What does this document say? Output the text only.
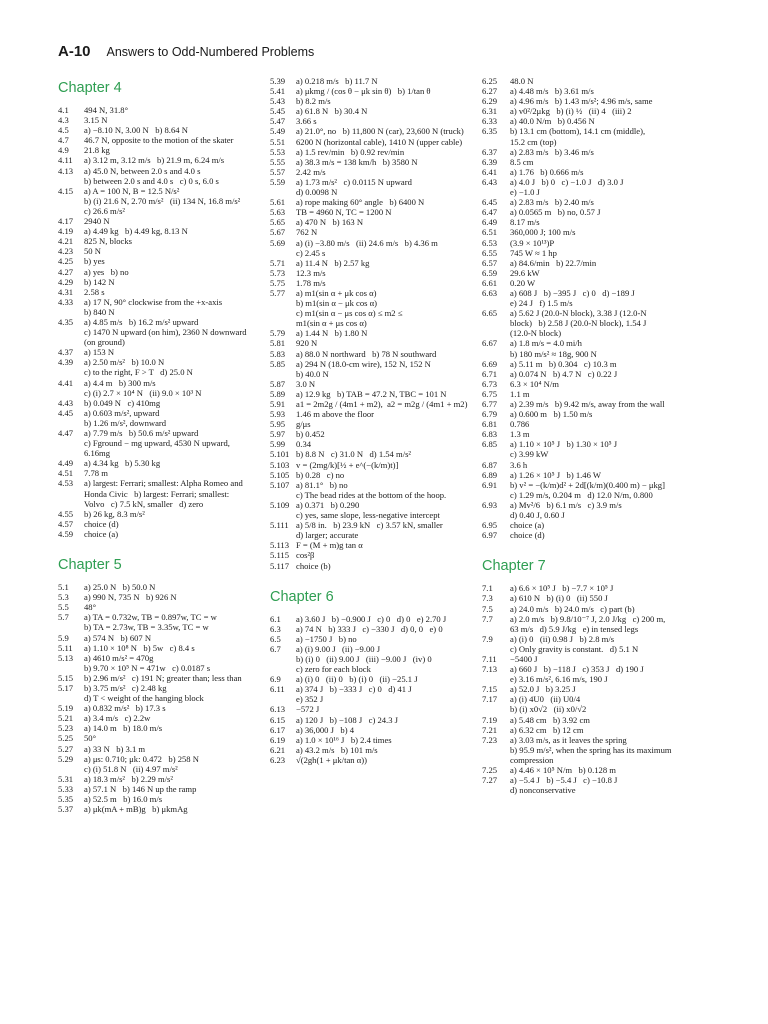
A-10 Answers to Odd-Numbered Problems
Chapter 4
4.1	494 N, 31.8°
4.3	3.15 N
4.5	a) −8.10 N, 3.00 N   b) 8.64 N
4.7	46.7 N, opposite to the motion of the skater
4.9	21.8 kg
4.11	a) 3.12 m, 3.12 m/s   b) 21.9 m, 6.24 m/s
4.13	a) 45.0 N, between 2.0 s and 4.0 s
b) between 2.0 s and 4.0 s   c) 0 s, 6.0 s
4.15	a) A = 100 N, B = 12.5 N/s²
b) (i) 21.6 N, 2.70 m/s²   (ii) 134 N, 16.8 m/s²
c) 26.6 m/s²
4.17	2940 N
4.19	a) 4.49 kg   b) 4.49 kg, 8.13 N
4.21	825 N, blocks
4.23	50 N
4.25	b) yes
4.27	a) yes   b) no
4.29	b) 142 N
4.31	2.58 s
4.33	a) 17 N, 90° clockwise from the +x-axis
b) 840 N
4.35	a) 4.85 m/s   b) 16.2 m/s² upward
c) 1470 N upward (on him), 2360 N downward
(on ground)
4.37	a) 153 N
4.39	a) 2.50 m/s²   b) 10.0 N
c) to the right, F > T   d) 25.0 N
4.41	a) 4.4 m   b) 300 m/s
c) (i) 2.7 × 10⁴ N   (ii) 9.0 × 10³ N
4.43	b) 0.049 N   c) 410mg
4.45	a) 0.603 m/s², upward
b) 1.26 m/s², downward
4.47	a) 7.79 m/s   b) 50.6 m/s² upward
c) Fground − mg upward, 4530 N upward,
6.16mg
4.49	a) 4.34 kg   b) 5.30 kg
4.51	7.78 m
4.53	a) largest: Ferrari; smallest: Alpha Romeo and
Honda Civic   b) largest: Ferrari; smallest:
Volvo   c) 7.5 kN, smaller   d) zero
4.55	b) 26 kg, 8.3 m/s²
4.57	choice (d)
4.59	choice (a)
Chapter 5
5.1	a) 25.0 N   b) 50.0 N
5.3	a) 990 N, 735 N   b) 926 N
5.5	48°
5.7	a) TA = 0.732w, TB = 0.897w, TC = w
b) TA = 2.73w, TB = 3.35w, TC = w
5.9	a) 574 N   b) 607 N
5.11	a) 1.10 × 10⁸ N   b) 5w   c) 8.4 s
5.13	a) 4610 m/s² = 470g
b) 9.70 × 10⁵ N = 471w   c) 0.0187 s
5.15	b) 2.96 m/s²   c) 191 N; greater than; less than
5.17	b) 3.75 m/s²   c) 2.48 kg
d) T < weight of the hanging block
5.19	a) 0.832 m/s²   b) 17.3 s
5.21	a) 3.4 m/s   c) 2.2w
5.23	a) 14.0 m   b) 18.0 m/s
5.25	50°
5.27	a) 33 N   b) 3.1 m
5.29	a) μs: 0.710; μk: 0.472   b) 258 N
c) (i) 51.8 N   (ii) 4.97 m/s²
5.31	a) 18.3 m/s²   b) 2.29 m/s²
5.33	a) 57.1 N   b) 146 N up the ramp
5.35	a) 52.5 m   b) 16.0 m/s
5.37	a) μk(mA + mB)g   b) μkmAg
5.39	a) 0.218 m/s   b) 11.7 N
5.41	a) μkmg / (cos θ − μk sin θ)   b) 1/tan θ
5.43	b) 8.2 m/s
5.45	a) 61.8 N   b) 30.4 N
5.47	3.66 s
5.49	a) 21.0°, no   b) 11,800 N (car), 23,600 N (truck)
5.51	6200 N (horizontal cable), 1410 N (upper cable)
5.53	a) 1.5 rev/min   b) 0.92 rev/min
5.55	a) 38.3 m/s = 138 km/h   b) 3580 N
5.57	2.42 m/s
5.59	a) 1.73 m/s²   c) 0.0115 N upward
d) 0.0098 N
5.61	a) rope making 60° angle   b) 6400 N
5.63	TB = 4960 N, TC = 1200 N
5.65	a) 470 N   b) 163 N
5.67	762 N
5.69	a) (i) −3.80 m/s   (ii) 24.6 m/s   b) 4.36 m
c) 2.45 s
5.71	a) 11.4 N   b) 2.57 kg
5.73	12.3 m/s
5.75	1.78 m/s
5.77	a) m1(sin α + μk cos α)
b) m1(sin α − μk cos α)
c) m1(sin α − μs cos α) ≤ m2 ≤
m1(sin α + μs cos α)
5.79	a) 1.44 N   b) 1.80 N
5.81	920 N
5.83	a) 88.0 N northward   b) 78 N southward
5.85	a) 294 N (18.0-cm wire), 152 N, 152 N
b) 40.0 N
5.87	3.0 N
5.89	a) 12.9 kg   b) TAB = 47.2 N, TBC = 101 N
5.91	a1 = 2m2g / (4m1 + m2),  a2 = m2g / (4m1 + m2)
5.93	1.46 m above the floor
5.95	g/μs
5.97	b) 0.452
5.99	0.34
5.101 b) 8.8 N   c) 31.0 N   d) 1.54 m/s²
5.103 v = (2mg/k)[½ + e^(−(k/m)t)]
5.105 b) 0.28   c) no
5.107 a) 81.1°   b) no
c) The bead rides at the bottom of the hoop.
5.109 a) 0.371   b) 0.290
c) yes, same slope, less-negative intercept
5.111 a) 5/8 in.   b) 23.9 kN   c) 3.57 kN, smaller
d) larger; accurate
5.113 F = (M + m)g tan α
5.115 cos²β
5.117 choice (b)
Chapter 6
6.1	a) 3.60 J   b) −0.900 J   c) 0   d) 0   e) 2.70 J
6.3	a) 74 N   b) 333 J   c) −330 J   d) 0, 0   e) 0
6.5	a) −1750 J   b) no
6.7	a) (i) 9.00 J   (ii) −9.00 J
b) (i) 0   (ii) 9.00 J   (iii) −9.00 J   (iv) 0
c) zero for each block
6.9	a) (i) 0   (ii) 0   b) (i) 0   (ii) −25.1 J
6.11	a) 374 J   b) −333 J   c) 0   d) 41 J
e) 352 J
6.13	−572 J
6.15	a) 120 J   b) −108 J   c) 24.3 J
6.17	a) 36,000 J   b) 4
6.19	a) 1.0 × 10¹⁶ J   b) 2.4 times
6.21	a) 43.2 m/s   b) 101 m/s
6.23	√(2gh(1 + μk/tan α))
6.25	48.0 N
6.27	a) 4.48 m/s   b) 3.61 m/s
6.29	a) 4.96 m/s   b) 1.43 m/s²; 4.96 m/s, same
6.31	a) v0²/2μkg   b) (i) ½   (ii) 4   (iii) 2
6.33	a) 40.0 N/m   b) 0.456 N
6.35	b) 13.1 cm (bottom), 14.1 cm (middle),
15.2 cm (top)
6.37	a) 2.83 m/s   b) 3.46 m/s
6.39	8.5 cm
6.41	a) 1.76   b) 0.666 m/s
6.43	a) 4.0 J   b) 0   c) −1.0 J   d) 3.0 J
e) −1.0 J
6.45	a) 2.83 m/s   b) 2.40 m/s
6.47	a) 0.0565 m   b) no, 0.57 J
6.49	8.17 m/s
6.51	360,000 J; 100 m/s
6.53	(3.9 × 10¹³)P
6.55	745 W ≈ 1 hp
6.57	a) 84.6/min   b) 22.7/min
6.59	29.6 kW
6.61	0.20 W
6.63	a) 608 J   b) −395 J   c) 0   d) −189 J
e) 24 J   f) 1.5 m/s
6.65	a) 5.62 J (20.0-N block), 3.38 J (12.0-N
block)   b) 2.58 J (20.0-N block), 1.54 J
(12.0-N block)
6.67	a) 1.8 m/s = 4.0 mi/h
b) 180 m/s² ≈ 18g, 900 N
6.69	a) 5.11 m   b) 0.304   c) 10.3 m
6.71	a) 0.074 N   b) 4.7 N   c) 0.22 J
6.73	6.3 × 10⁴ N/m
6.75	1.1 m
6.77	a) 2.39 m/s   b) 9.42 m/s, away from the wall
6.79	a) 0.600 m   b) 1.50 m/s
6.81	0.786
6.83	1.3 m
6.85	a) 1.10 × 10⁵ J   b) 1.30 × 10⁵ J
c) 3.99 kW
6.87	3.6 h
6.89	a) 1.26 × 10⁵ J   b) 1.46 W
6.91	b) v² = −(k/m)d² + 2d[(k/m)(0.400 m) − μkg]
c) 1.29 m/s, 0.204 m   d) 12.0 N/m, 0.800
6.93	a) Mv²/6   b) 6.1 m/s   c) 3.9 m/s
d) 0.40 J, 0.60 J
6.95	choice (a)
6.97	choice (d)
Chapter 7
7.1	a) 6.6 × 10⁵ J   b) −7.7 × 10⁵ J
7.3	a) 610 N   b) (i) 0   (ii) 550 J
7.5	a) 24.0 m/s   b) 24.0 m/s   c) part (b)
7.7	a) 2.0 m/s   b) 9.8/10⁻⁷ J, 2.0 J/kg   c) 200 m,
63 m/s   d) 5.9 J/kg   e) in tensed legs
7.9	a) (i) 0   (ii) 0.98 J   b) 2.8 m/s
c) Only gravity is constant.   d) 5.1 N
7.11	−5400 J
7.13	a) 660 J   b) −118 J   c) 353 J   d) 190 J
e) 3.16 m/s², 6.16 m/s, 190 J
7.15	a) 52.0 J   b) 3.25 J
7.17	a) (i) 4U0   (ii) U0/4
b) (i) x0√2   (ii) x0/√2
7.19	a) 5.48 cm   b) 3.92 cm
7.21	a) 6.32 cm   b) 12 cm
7.23	a) 3.03 m/s, as it leaves the spring
b) 95.9 m/s², when the spring has its maximum
compression
7.25	a) 4.46 × 10⁵ N/m   b) 0.128 m
7.27	a) −5.4 J   b) −5.4 J   c) −10.8 J
d) nonconservative
